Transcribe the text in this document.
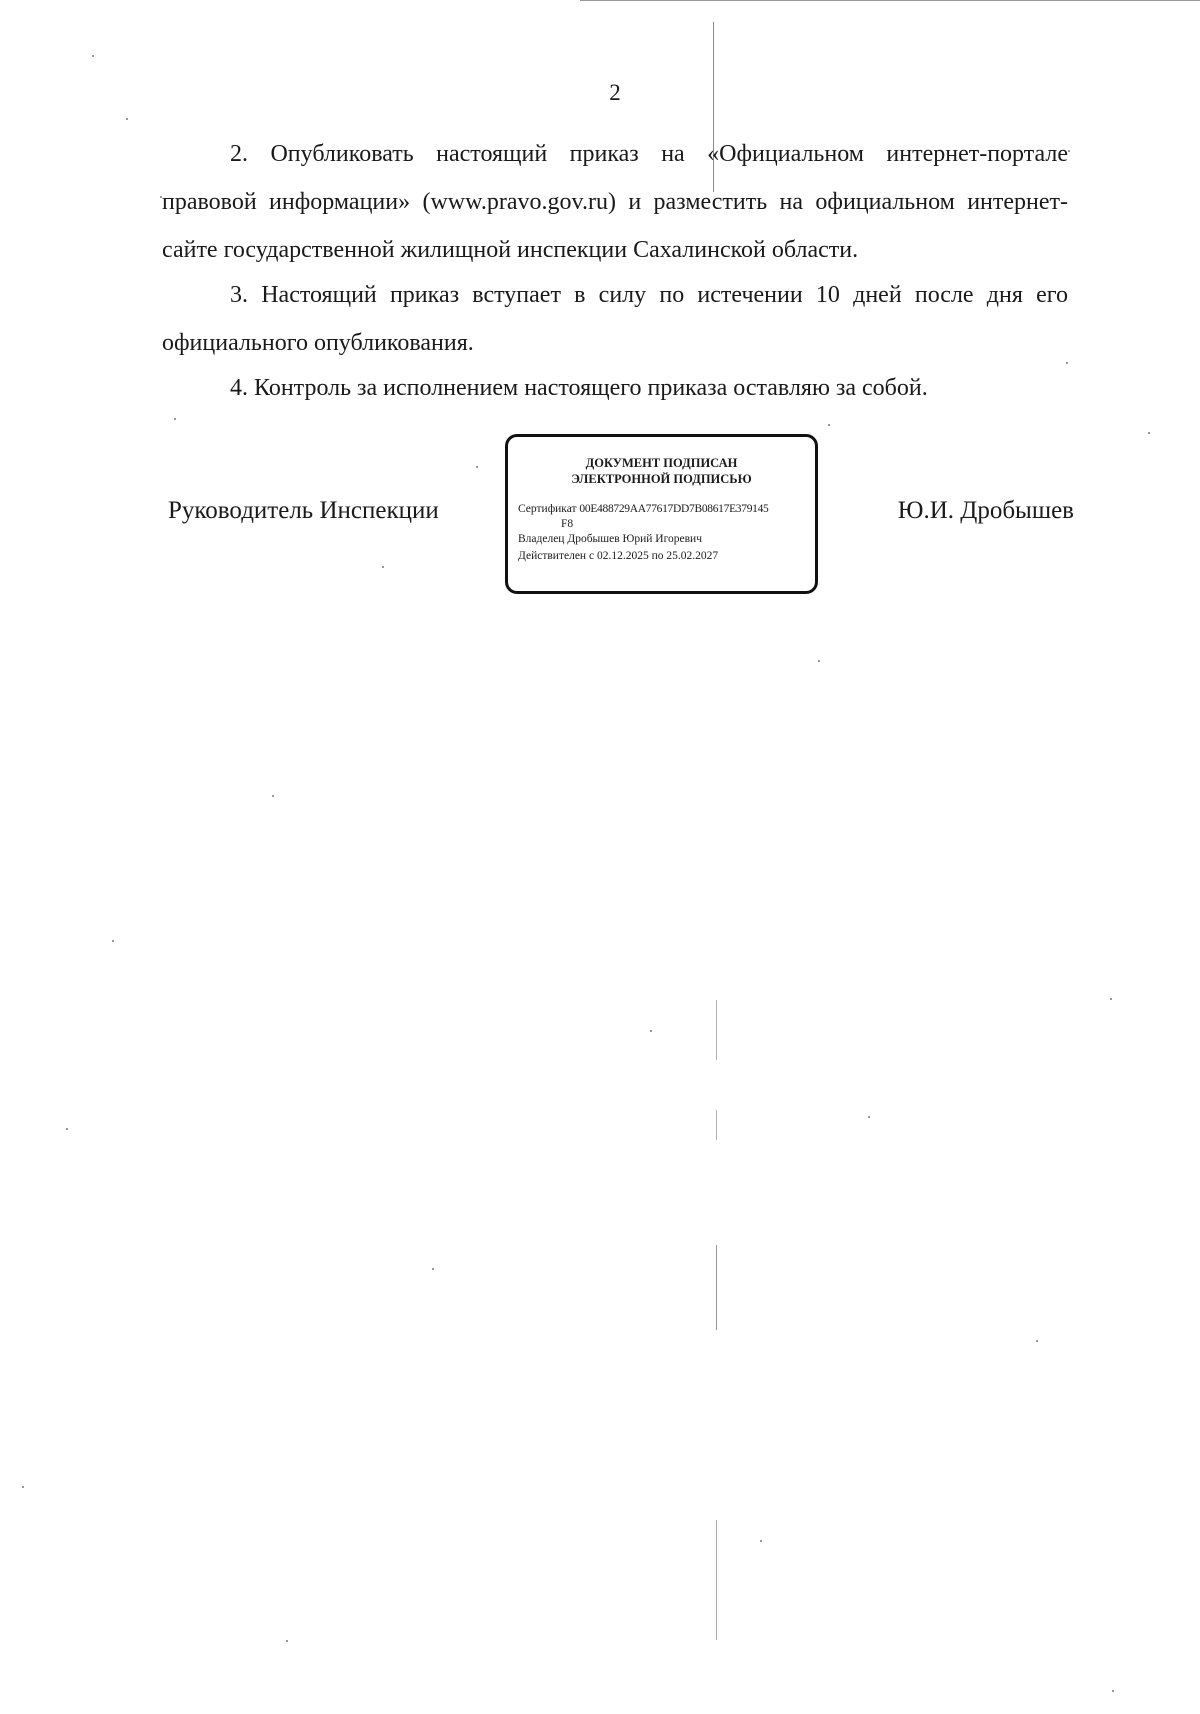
2

2. Опубликовать настоящий приказ на «Официальном интернет-портале правовой информации» (www.pravo.gov.ru) и разместить на официальном интернет-сайте государственной жилищной инспекции Сахалинской области.

3. Настоящий приказ вступает в силу по истечении 10 дней после дня его официального опубликования.

4. Контроль за исполнением настоящего приказа оставляю за собой.

Руководитель Инспекции
ДОКУМЕНТ ПОДПИСАН
ЭЛЕКТРОННОЙ ПОДПИСЬЮ
Сертификат 00E488729AA77617DD7B08617E379145
F8
Владелец Дробышев Юрий Игоревич
Действителен с 02.12.2025 по 25.02.2027
Ю.И. Дробышев
